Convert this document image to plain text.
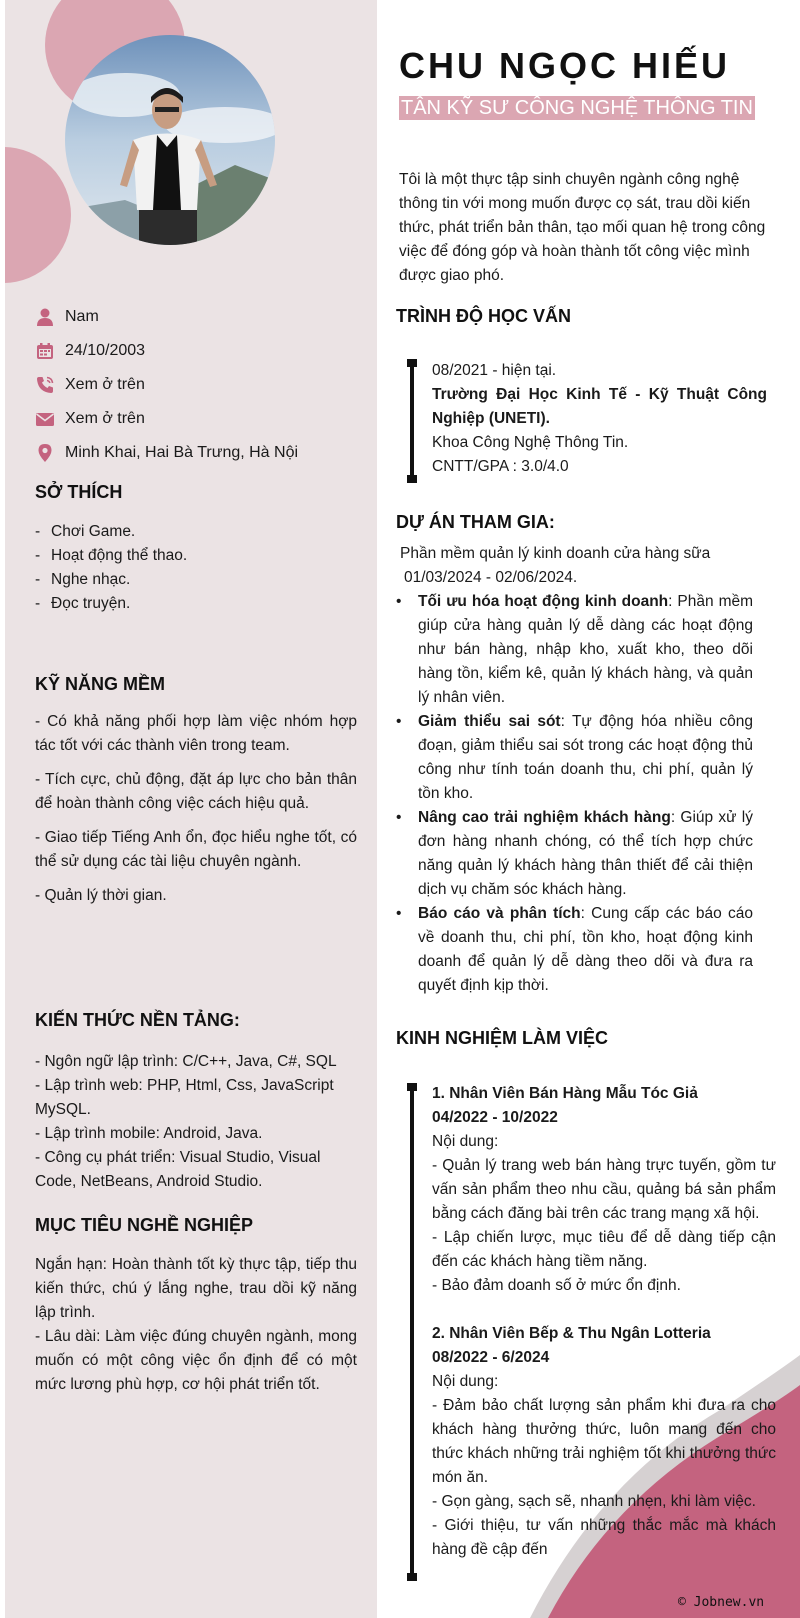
Nam
24/10/2003
Xem ở trên
Xem ở trên
Minh Khai, Hai Bà Trưng, Hà Nội
SỞ THÍCH
- Chơi Game.
- Hoạt động thể thao.
- Nghe nhạc.
- Đọc truyện.
KỸ NĂNG MỀM

- Có khả năng phối hợp làm việc nhóm hợp tác tốt với các thành viên trong team.

- Tích cực, chủ động, đặt áp lực cho bản thân để hoàn thành công việc cách hiệu quả.

- Giao tiếp Tiếng Anh ổn, đọc hiểu nghe tốt, có thể sử dụng các tài liệu chuyên ngành.

- Quản lý thời gian.

KIẾN THỨC NỀN TẢNG:
- Ngôn ngữ lập trình: C/C++, Java, C#, SQL
- Lập trình web: PHP, Html, Css, JavaScript MySQL.
- Lập trình mobile: Android, Java.
- Công cụ phát triển: Visual Studio, Visual Code, NetBeans, Android Studio.
MỤC TIÊU NGHỀ NGHIỆP
Ngắn hạn: Hoàn thành tốt kỳ thực tập, tiếp thu kiến thức, chú ý lắng nghe, trau dồi kỹ năng lập trình.
- Lâu dài: Làm việc đúng chuyên ngành, mong muốn có một công việc ổn định để có một mức lương phù hợp, cơ hội phát triển tốt.
CHU NGỌC HIẾU
TÂN KỸ SƯ CÔNG NGHỆ THÔNG TIN
Tôi là một thực tập sinh chuyên ngành công nghệ
thông tin với mong muốn được cọ sát, trau dồi kiến
thức, phát triển bản thân, tạo mối quan hệ trong công
việc để đóng góp và hoàn thành tốt công việc mình
được giao phó.
TRÌNH ĐỘ HỌC VẤN
08/2021 - hiện tại.
Trường Đại Học Kinh Tế - Kỹ Thuật Công Nghiệp (UNETI).
Khoa Công Nghệ Thông Tin.
CNTT/GPA : 3.0/4.0
DỰ ÁN THAM GIA:
Phần mềm quản lý kinh doanh cửa hàng sữa
01/03/2024 - 02/06/2024.
•	Tối ưu hóa hoạt động kinh doanh: Phần mềm giúp cửa hàng quản lý dễ dàng các hoạt động như bán hàng, nhập kho, xuất kho, theo dõi hàng tồn, kiểm kê, quản lý khách hàng, và quản lý nhân viên.
•	Giảm thiểu sai sót: Tự động hóa nhiều công đoạn, giảm thiểu sai sót trong các hoạt động thủ công như tính toán doanh thu, chi phí, quản lý tồn kho.
•	Nâng cao trải nghiệm khách hàng: Giúp xử lý đơn hàng nhanh chóng, có thể tích hợp chức năng quản lý khách hàng thân thiết để cải thiện dịch vụ chăm sóc khách hàng.
•	Báo cáo và phân tích: Cung cấp các báo cáo về doanh thu, chi phí, tồn kho, hoạt động kinh doanh để quản lý dễ dàng theo dõi và đưa ra quyết định kịp thời.
KINH NGHIỆM LÀM VIỆC
1. Nhân Viên Bán Hàng Mẫu Tóc Giả
04/2022 - 10/2022
Nội dung:
- Quản lý trang web bán hàng trực tuyến, gồm tư vấn sản phẩm theo nhu cầu, quảng bá sản phẩm bằng cách đăng bài trên các trang mạng xã hội.
- Lập chiến lược, mục tiêu để dễ dàng tiếp cận đến các khách hàng tiềm năng.
- Bảo đảm doanh số ở mức ổn định.
2. Nhân Viên Bếp & Thu Ngân Lotteria
08/2022 - 6/2024
Nội dung:
- Đảm bảo chất lượng sản phẩm khi đưa ra cho khách hàng thưởng thức, luôn mang đến cho thức khách những trải nghiệm tốt khi thưởng thức món ăn.
- Gọn gàng, sạch sẽ, nhanh nhẹn, khi làm việc.
- Giới thiệu, tư vấn những thắc mắc mà khách hàng đề cập đến
© Jobnew.vn
